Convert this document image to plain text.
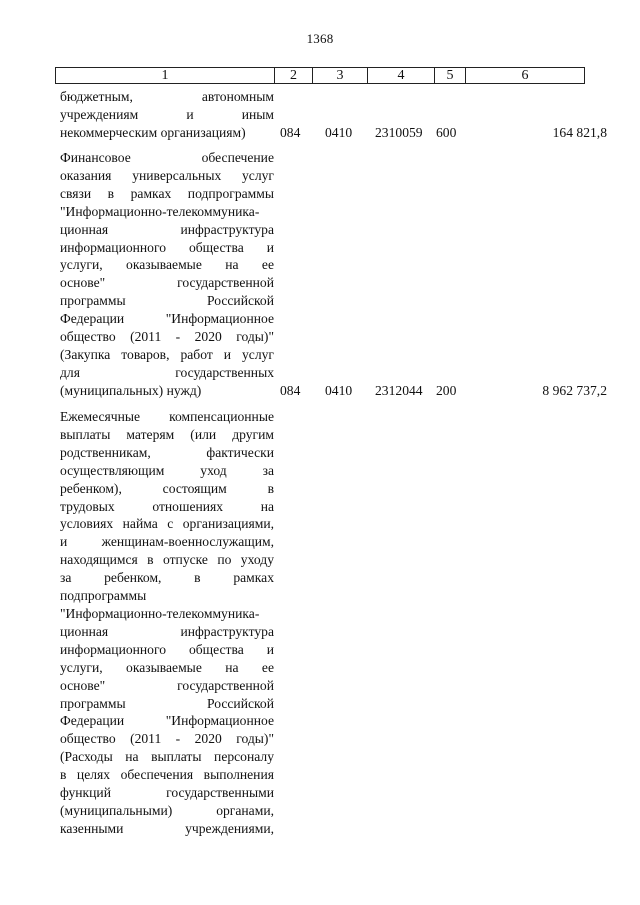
1368
1	2	3	4	5	6
бюджетным, автономным
учреждениям и иным
некоммерческим организациям)	084 0410 2310059 600	164 821,8
Финансовое обеспечение
оказания универсальных услуг
связи в рамках подпрограммы
"Информационно-телекоммуника-
ционная инфраструктура
информационного общества и
услуги, оказываемые на ее
основе" государственной
программы Российской
Федерации "Информационное
общество (2011 - 2020 годы)"
(Закупка товаров, работ и услуг
для государственных
(муниципальных) нужд)	084 0410 2312044 200	8 962 737,2
Ежемесячные компенсационные
выплаты матерям (или другим
родственникам, фактически
осуществляющим уход за
ребенком), состоящим в
трудовых отношениях на
условиях найма с организациями,
и женщинам-военнослужащим,
находящимся в отпуске по уходу
за ребенком, в рамках
подпрограммы
"Информационно-телекоммуника-
ционная инфраструктура
информационного общества и
услуги, оказываемые на ее
основе" государственной
программы Российской
Федерации "Информационное
общество (2011 - 2020 годы)"
(Расходы на выплаты персоналу
в целях обеспечения выполнения
функций государственными
(муниципальными) органами,
казенными учреждениями,
